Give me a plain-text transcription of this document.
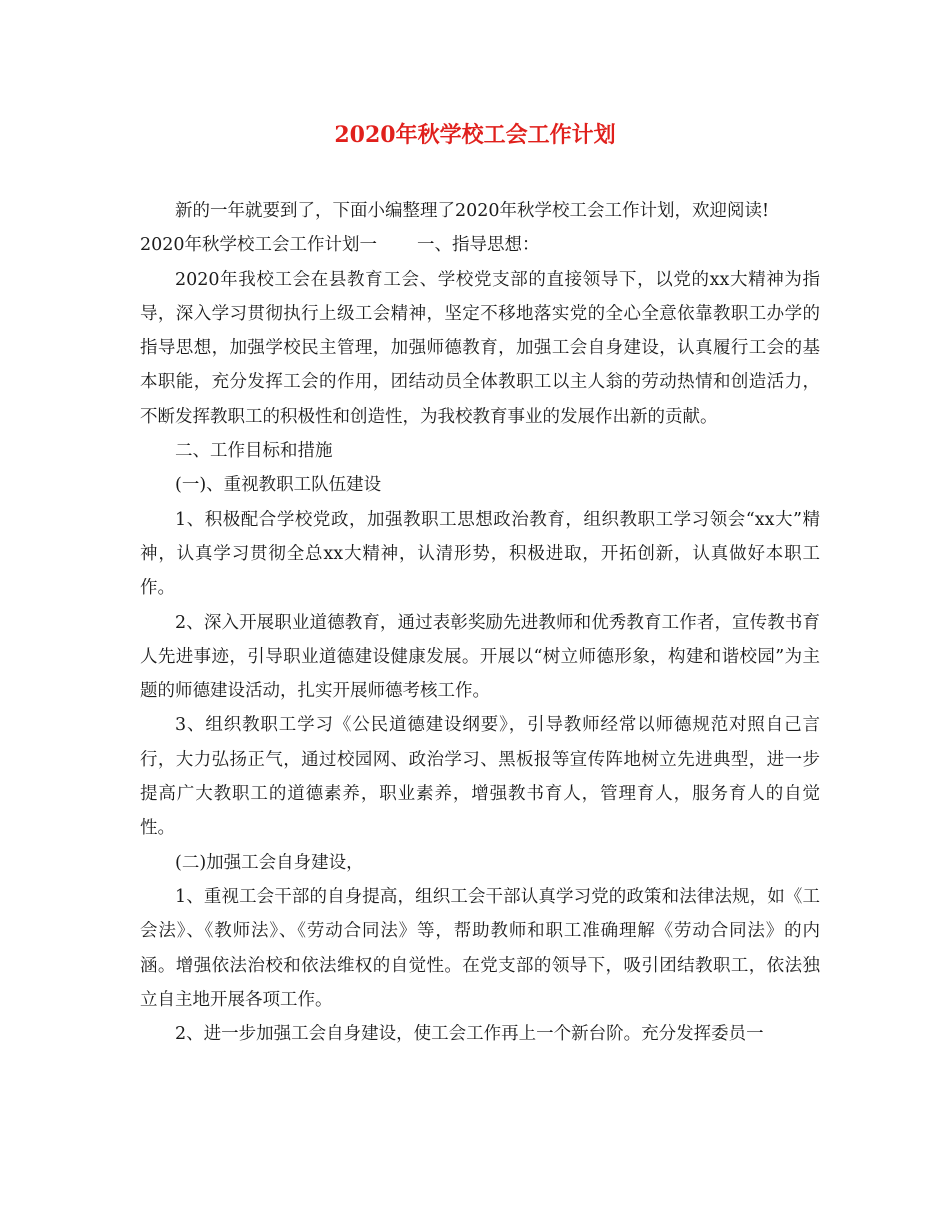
2020年秋学校工会工作计划

新的一年就要到了，下面小编整理了2020年秋学校工会工作计划，欢迎阅读!

2020年秋学校工会工作计划一 一、指导思想：

2020年我校工会在县教育工会、学校党支部的直接领导下，以党的xx大精神为指导，深入学习贯彻执行上级工会精神，坚定不移地落实党的全心全意依靠教职工办学的指导思想，加强学校民主管理，加强师德教育，加强工会自身建设，认真履行工会的基本职能，充分发挥工会的作用，团结动员全体教职工以主人翁的劳动热情和创造活力，不断发挥教职工的积极性和创造性，为我校教育事业的发展作出新的贡献。

二、工作目标和措施

(一)、重视教职工队伍建设

1、积极配合学校党政，加强教职工思想政治教育，组织教职工学习领会“xx大”精神，认真学习贯彻全总xx大精神，认清形势，积极进取，开拓创新，认真做好本职工作。

2、深入开展职业道德教育，通过表彰奖励先进教师和优秀教育工作者，宣传教书育人先进事迹，引导职业道德建设健康发展。开展以“树立师德形象，构建和谐校园”为主题的师德建设活动，扎实开展师德考核工作。

3、组织教职工学习《公民道德建设纲要》，引导教师经常以师德规范对照自己言行，大力弘扬正气，通过校园网、政治学习、黑板报等宣传阵地树立先进典型，进一步提高广大教职工的道德素养，职业素养，增强教书育人，管理育人，服务育人的自觉性。

(二)加强工会自身建设，

1、重视工会干部的自身提高，组织工会干部认真学习党的政策和法律法规，如《工会法》、《教师法》、《劳动合同法》等，帮助教师和职工准确理解《劳动合同法》的内涵。增强依法治校和依法维权的自觉性。在党支部的领导下，吸引团结教职工，依法独立自主地开展各项工作。

2、进一步加强工会自身建设，使工会工作再上一个新台阶。充分发挥委员一
